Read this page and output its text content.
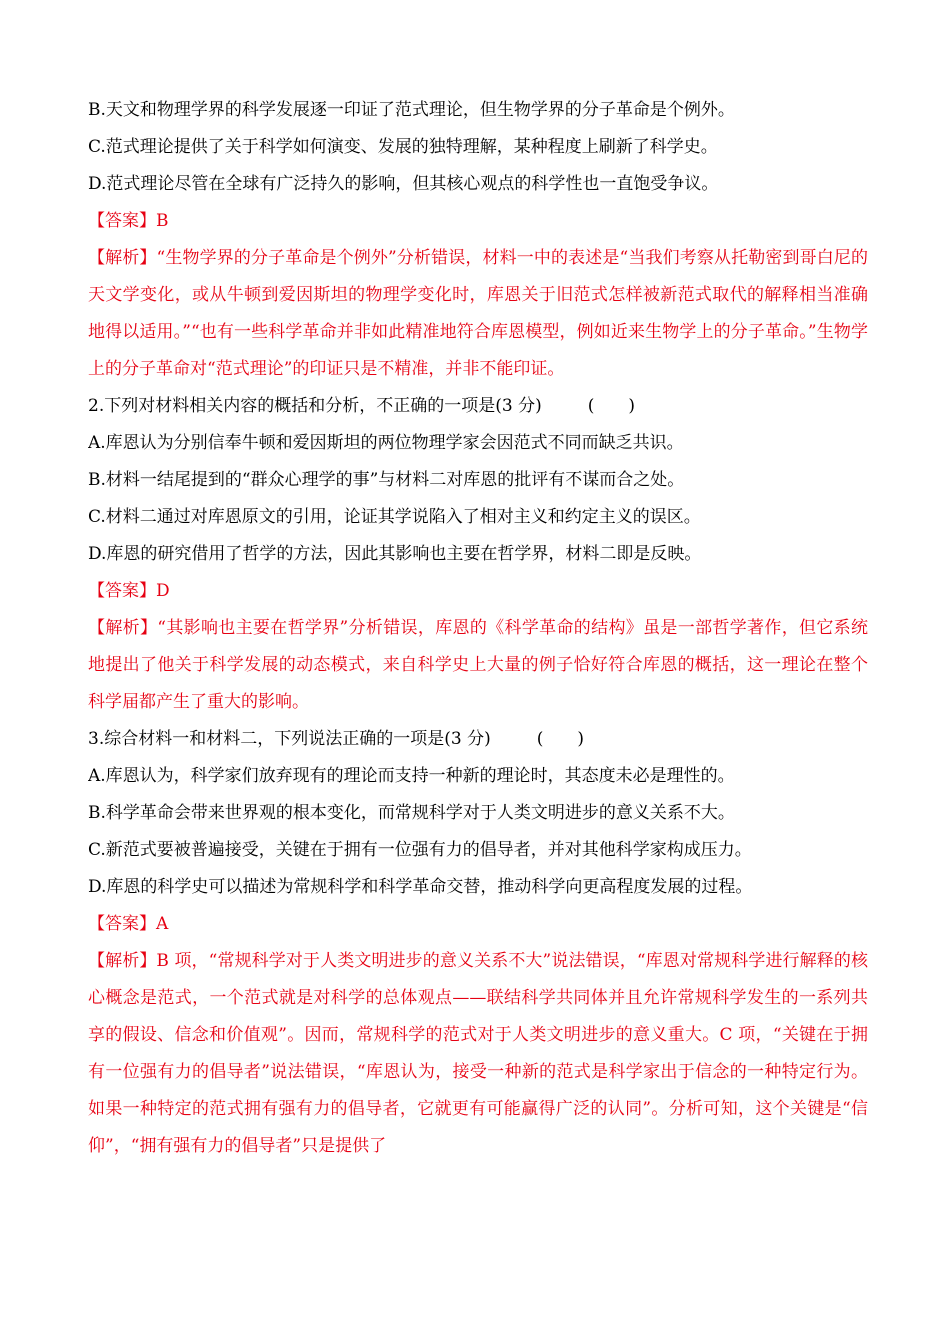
B.天文和物理学界的科学发展逐一印证了范式理论，但生物学界的分子革命是个例外。

C.范式理论提供了关于科学如何演变、发展的独特理解，某种程度上刷新了科学史。

D.范式理论尽管在全球有广泛持久的影响，但其核心观点的科学性也一直饱受争议。

【答案】B

【解析】“生物学界的分子革命是个例外”分析错误，材料一中的表述是“当我们考察从托勒密到哥白尼的天文学变化，或从牛顿到爱因斯坦的物理学变化时，库恩关于旧范式怎样被新范式取代的解释相当准确地得以适用。”“也有一些科学革命并非如此精准地符合库恩模型，例如近来生物学上的分子革命。”生物学上的分子革命对“范式理论”的印证只是不精准，并非不能印证。

2.下列对材料相关内容的概括和分析，不正确的一项是(3 分)	(　　)

A.库恩认为分别信奉牛顿和爱因斯坦的两位物理学家会因范式不同而缺乏共识。

B.材料一结尾提到的“群众心理学的事”与材料二对库恩的批评有不谋而合之处。

C.材料二通过对库恩原文的引用，论证其学说陷入了相对主义和约定主义的误区。

D.库恩的研究借用了哲学的方法，因此其影响也主要在哲学界，材料二即是反映。

【答案】D

【解析】“其影响也主要在哲学界”分析错误，库恩的《科学革命的结构》虽是一部哲学著作，但它系统地提出了他关于科学发展的动态模式，来自科学史上大量的例子恰好符合库恩的概括，这一理论在整个科学届都产生了重大的影响。

3.综合材料一和材料二，下列说法正确的一项是(3 分)	(　　)

A.库恩认为，科学家们放弃现有的理论而支持一种新的理论时，其态度未必是理性的。

B.科学革命会带来世界观的根本变化，而常规科学对于人类文明进步的意义关系不大。

C.新范式要被普遍接受，关键在于拥有一位强有力的倡导者，并对其他科学家构成压力。

D.库恩的科学史可以描述为常规科学和科学革命交替，推动科学向更高程度发展的过程。

【答案】A

【解析】B 项，“常规科学对于人类文明进步的意义关系不大”说法错误，“库恩对常规科学进行解释的核心概念是范式，一个范式就是对科学的总体观点——联结科学共同体并且允许常规科学发生的一系列共享的假设、信念和价值观”。因而，常规科学的范式对于人类文明进步的意义重大。C 项，“关键在于拥有一位强有力的倡导者”说法错误，“库恩认为，接受一种新的范式是科学家出于信念的一种特定行为。如果一种特定的范式拥有强有力的倡导者，它就更有可能赢得广泛的认同”。分析可知，这个关键是“信仰”，“拥有强有力的倡导者”只是提供了
